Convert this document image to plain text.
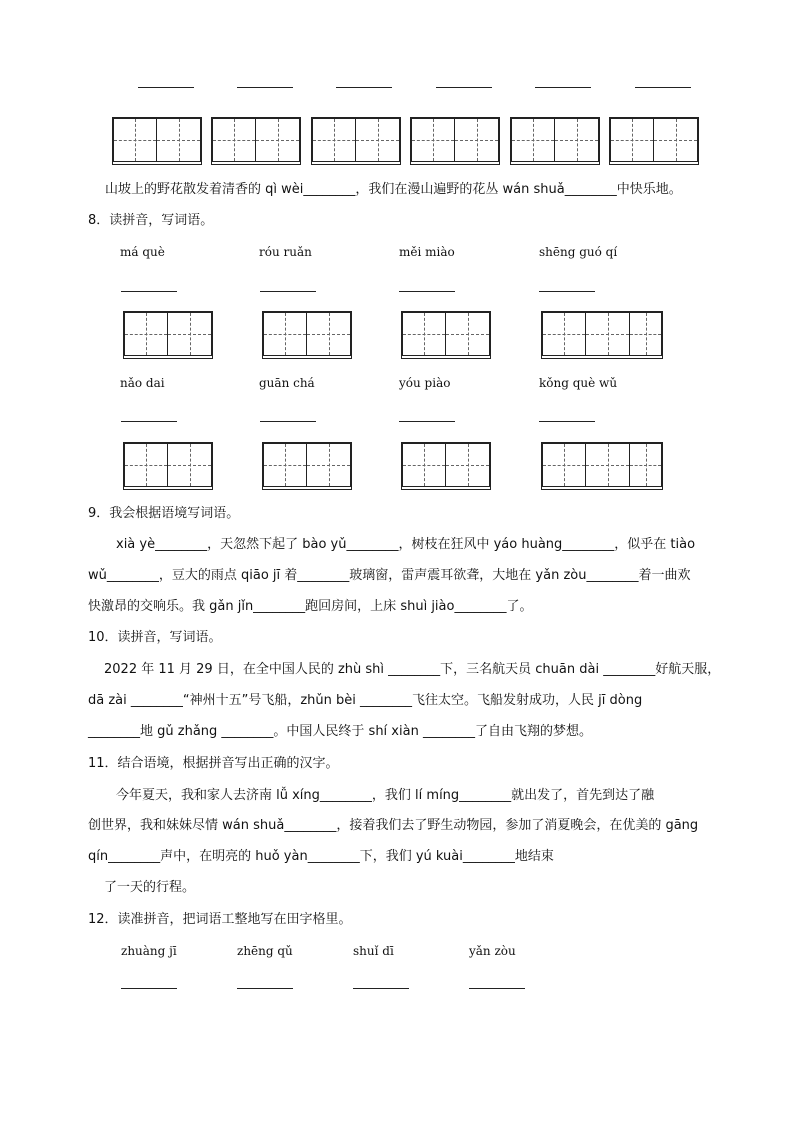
山坡上的野花散发着清香的 qì wèi________，我们在漫山遍野的花丛 wán shuǎ________中快乐地。
8．读拼音，写词语。
má què	róu ruǎn	měi miào	shēng guó qí
nǎo dai	guān chá	yóu piào	kǒng què wǔ
9．我会根据语境写词语。
xià yè________，天忽然下起了 bào yǔ________，树枝在狂风中 yáo huàng________，似乎在 tiào
wǔ________，豆大的雨点 qiāo jī 着________玻璃窗，雷声震耳欲聋，大地在 yǎn zòu________着一曲欢
快激昂的交响乐。我 gǎn jǐn________跑回房间，上床 shuì jiào________了。
10．读拼音，写词语。
2022 年 11 月 29 日，在全中国人民的 zhù shì ________下，三名航天员 chuān dài ________好航天服，
dā zài ________“神州十五”号飞船，zhǔn bèi ________飞往太空。飞船发射成功，人民 jī dòng
________地 gǔ zhǎng ________。中国人民终于 shí xiàn ________了自由飞翔的梦想。
11．结合语境，根据拼音写出正确的汉字。
今年夏天，我和家人去济南 lǚ xíng________，我们 lí míng________就出发了，首先到达了融
创世界，我和妹妹尽情 wán shuǎ________，接着我们去了野生动物园，参加了消夏晚会，在优美的 gāng
qín________声中，在明亮的 huǒ yàn________下，我们 yú kuài________地结束
了一天的行程。
12．读准拼音，把词语工整地写在田字格里。
zhuàng jī	zhēng qǔ	shuǐ dī	yǎn zòu
